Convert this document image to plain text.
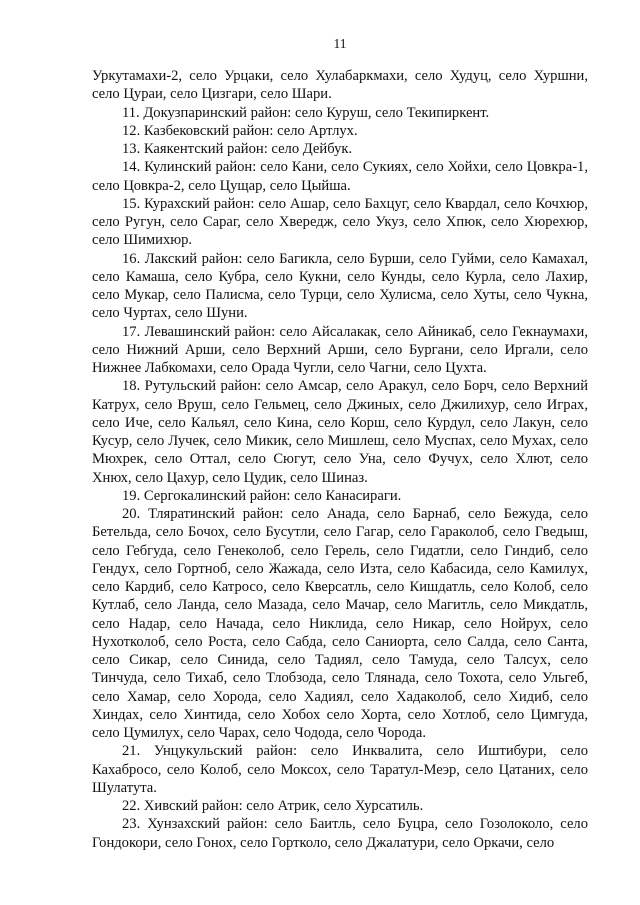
11

Уркутамахи-2, село Урцаки, село Хулабаркмахи, село Худуц, село Хуршни, село Цураи, село Цизгари, село Шари.

11. Докузпаринский район: село Куруш, село Текипиркент.

12. Казбековский район: село Артлух.

13. Каякентский район: село Дейбук.

14. Кулинский район: село Кани, село Сукиях, село Хойхи, село Цовкра-1, село Цовкра-2, село Цущар, село Цыйша.

15. Курахский район: село Ашар, село Бахцуг, село Квардал, село Кочхюр, село Ругун, село Сараг, село Хвередж, село Укуз, село Хпюк, село Хюрехюр, село Шимихюр.

16. Лакский район: село Багикла, село Бурши, село Гуйми, село Камахал, село Камаша, село Кубра, село Кукни, село Кунды, село Курла, село Лахир, село Мукар, село Палисма, село Турци, село Хулисма, село Хуты, село Чукна, село Чуртах, село Шуни.

17. Левашинский район: село Айсалакак, село Айникаб, село Гекнаумахи, село Нижний Арши, село Верхний Арши, село Бургани, село Иргали, село Нижнее Лабкомахи, село Орада Чугли, село Чагни, село Цухта.

18. Рутульский район: село Амсар, село Аракул, село Борч, село Верхний Катрух, село Вруш, село Гельмец, село Джиных, село Джилихур, село Играх, село Иче, село Кальял, село Кина, село Корш, село Курдул, село Лакун, село Кусур, село Лучек, село Микик, село Мишлеш, село Муспах, село Мухах, село Мюхрек, село Оттал, село Сюгут, село Уна, село Фучух, село Хлют, село Хнюх, село Цахур, село Цудик, село Шиназ.

19. Сергокалинский район: село Канасираги.

20. Тляратинский район: село Анада, село Барнаб, село Бежуда, село Бетельда, село Бочох, село Бусутли, село Гагар, село Гараколоб, село Гведыш, село Гебгуда, село Генеколоб, село Герель, село Гидатли, село Гиндиб, село Гендух, село Гортноб, село Жажада, село Изта, село Кабасида, село Камилух, село Кардиб, село Катросо, село Кверсатль, село Кишдатль, село Колоб, село Кутлаб, село Ланда, село Мазада, село Мачар, село Магитль, село Микдатль, село Надар, село Начада, село Никлида, село Никар, село Нойрух, село Нухотколоб, село Роста, село Сабда, село Саниорта, село Салда, село Санта, село Сикар, село Синида, село Тадиял, село Тамуда, село Талсух, село Тинчуда, село Тихаб, село Тлобзода, село Тлянада, село Тохота, село Ульгеб, село Хамар, село Хорода, село Хадиял, село Хадаколоб, село Хидиб, село Хиндах, село Хинтида, село Хобох село Хорта, село Хотлоб, село Цимгуда, село Цумилух, село Чарах, село Чодода, село Чорода.

21. Унцукульский район: село Инквалита, село Иштибури, село Кахабросо, село Колоб, село Моксох, село Таратул-Меэр, село Цатаних, село Шулатута.

22. Хивский район: село Атрик, село Хурсатиль.

23. Хунзахский район: село Баитль, село Буцра, село Гозолоколо, село Гондокори, село Гонох, село Гортколо, село Джалатури, село Оркачи, село
